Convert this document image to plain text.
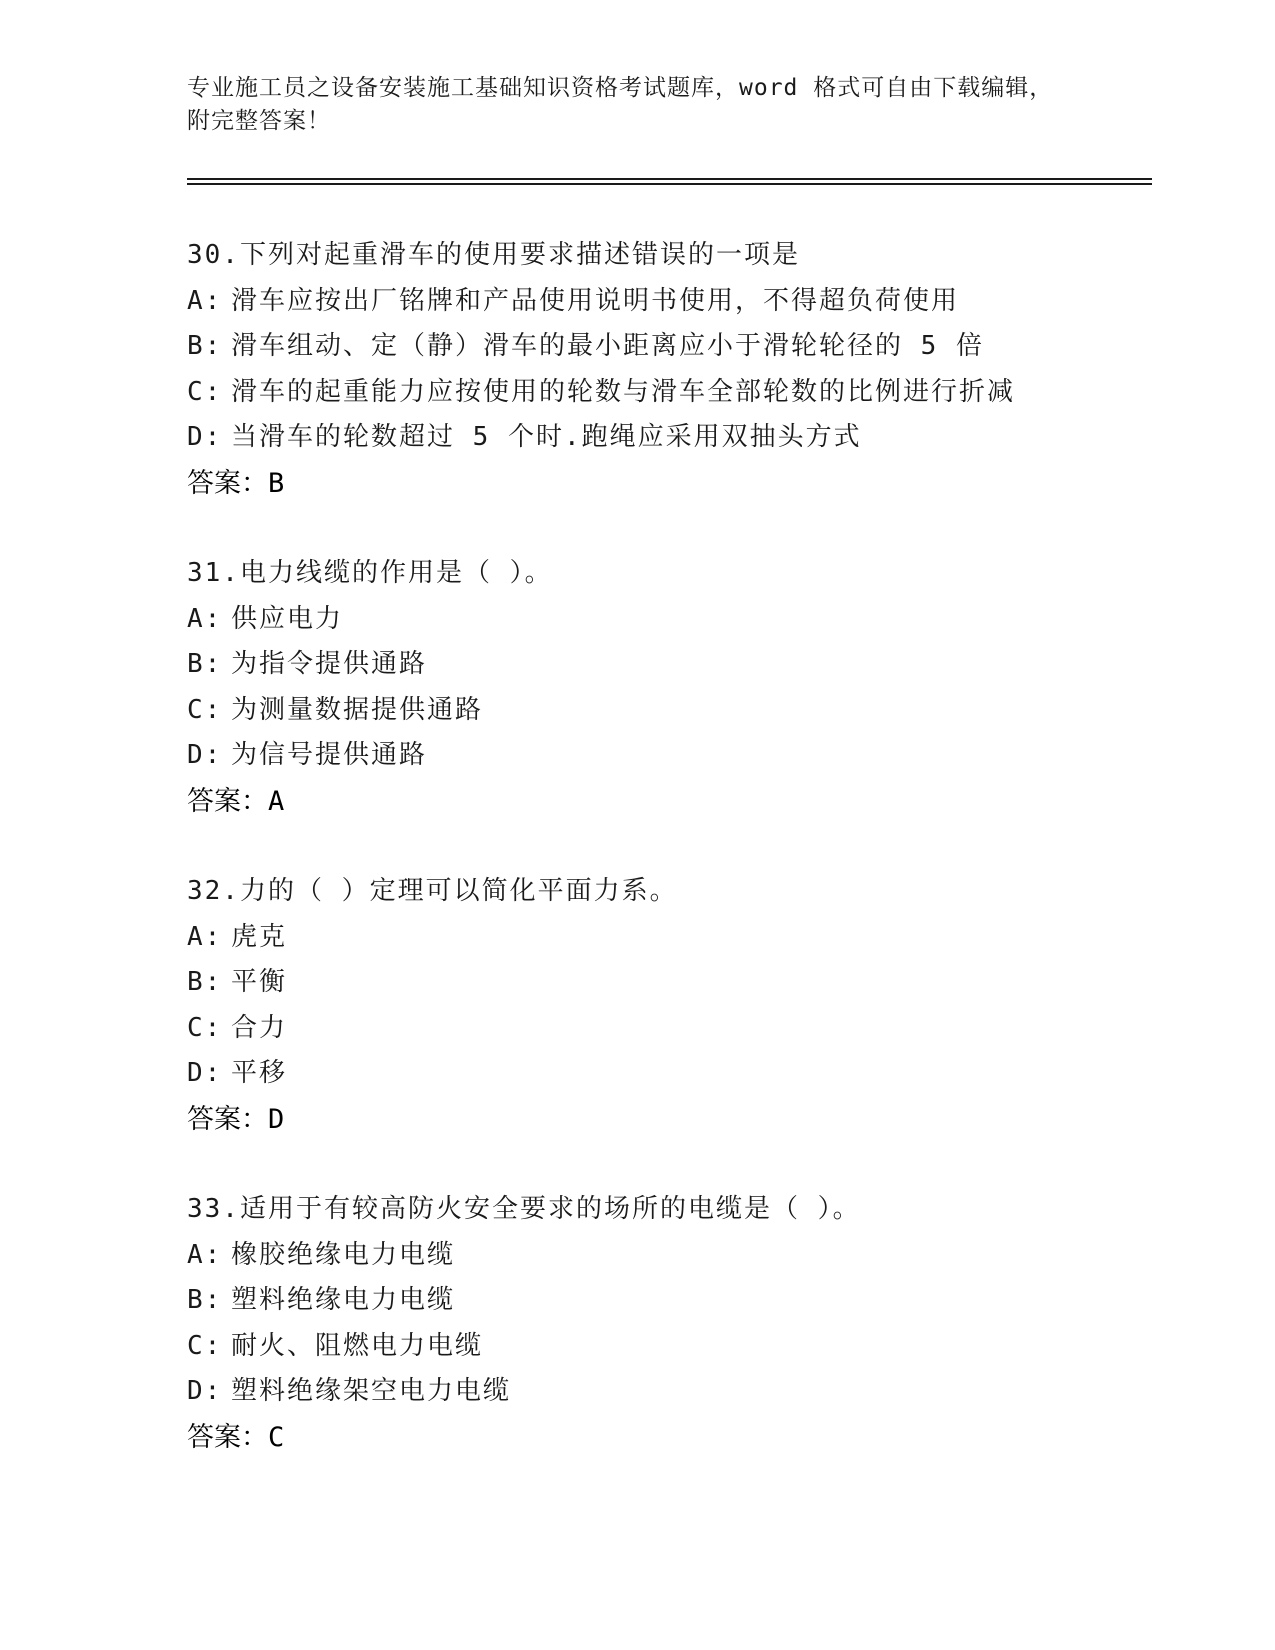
专业施工员之设备安装施工基础知识资格考试题库，word 格式可自由下载编辑，
附完整答案！
30.下列对起重滑车的使用要求描述错误的一项是
A: 滑车应按出厂铭牌和产品使用说明书使用，不得超负荷使用
B: 滑车组动、定（静）滑车的最小距离应小于滑轮轮径的 5 倍
C: 滑车的起重能力应按使用的轮数与滑车全部轮数的比例进行折减
D: 当滑车的轮数超过 5 个时.跑绳应采用双抽头方式
答案：B
31.电力线缆的作用是（ ）。
A: 供应电力
B: 为指令提供通路
C: 为测量数据提供通路
D: 为信号提供通路
答案：A
32.力的（ ）定理可以简化平面力系。
A: 虎克
B: 平衡
C: 合力
D: 平移
答案：D
33.适用于有较高防火安全要求的场所的电缆是（ ）。
A: 橡胶绝缘电力电缆
B: 塑料绝缘电力电缆
C: 耐火、阻燃电力电缆
D: 塑料绝缘架空电力电缆
答案：C
